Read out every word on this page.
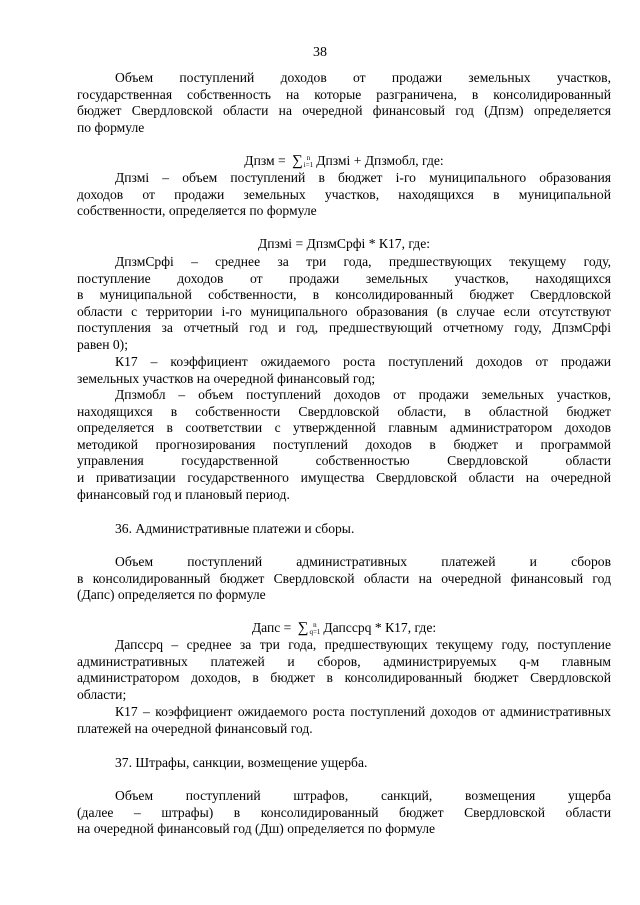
38
Объем поступлений доходов от продажи земельных участков,
государственная собственность на которые разграничена, в консолидированный
бюджет Свердловской области на очередной финансовый год (Дпзм) определяется
по формуле
Дпзм = ∑ n
i=1 Дпзмi + Дпзмобл, где:
Дпзмi – объем поступлений в бюджет i-го муниципального образования
доходов от продажи земельных участков, находящихся в муниципальной
собственности, определяется по формуле
Дпзмi = ДпзмСрфi * К17, где:
ДпзмСрфi – среднее за три года, предшествующих текущему году,
поступление доходов от продажи земельных участков, находящихся
в муниципальной собственности, в консолидированный бюджет Свердловской
области с территории i-го муниципального образования (в случае если отсутствуют
поступления за отчетный год и год, предшествующий отчетному году, ДпзмСрфi
равен 0);
К17 – коэффициент ожидаемого роста поступлений доходов от продажи
земельных участков на очередной финансовый год;
Дпзмобл – объем поступлений доходов от продажи земельных участков,
находящихся в собственности Свердловской области, в областной бюджет
определяется в соответствии с утвержденной главным администратором доходов
методикой прогнозирования поступлений доходов в бюджет и программой
управления государственной собственностью Свердловской области
и приватизации государственного имущества Свердловской области на очередной
финансовый год и плановый период.
36. Административные платежи и сборы.
Объем поступлений административных платежей и сборов
в консолидированный бюджет Свердловской области на очередной финансовый год
(Дапс) определяется по формуле
Дапс = ∑ n
q=1 Дапсcpq * К17, где:
Дапсcpq – среднее за три года, предшествующих текущему году, поступление
административных платежей и сборов, администрируемых q-м главным
администратором доходов, в бюджет в консолидированный бюджет Свердловской
области;
К17 – коэффициент ожидаемого роста поступлений доходов от административных
платежей на очередной финансовый год.
37. Штрафы, санкции, возмещение ущерба.
Объем поступлений штрафов, санкций, возмещения ущерба
(далее – штрафы) в консолидированный бюджет Свердловской области
на очередной финансовый год (Дш) определяется по формуле
